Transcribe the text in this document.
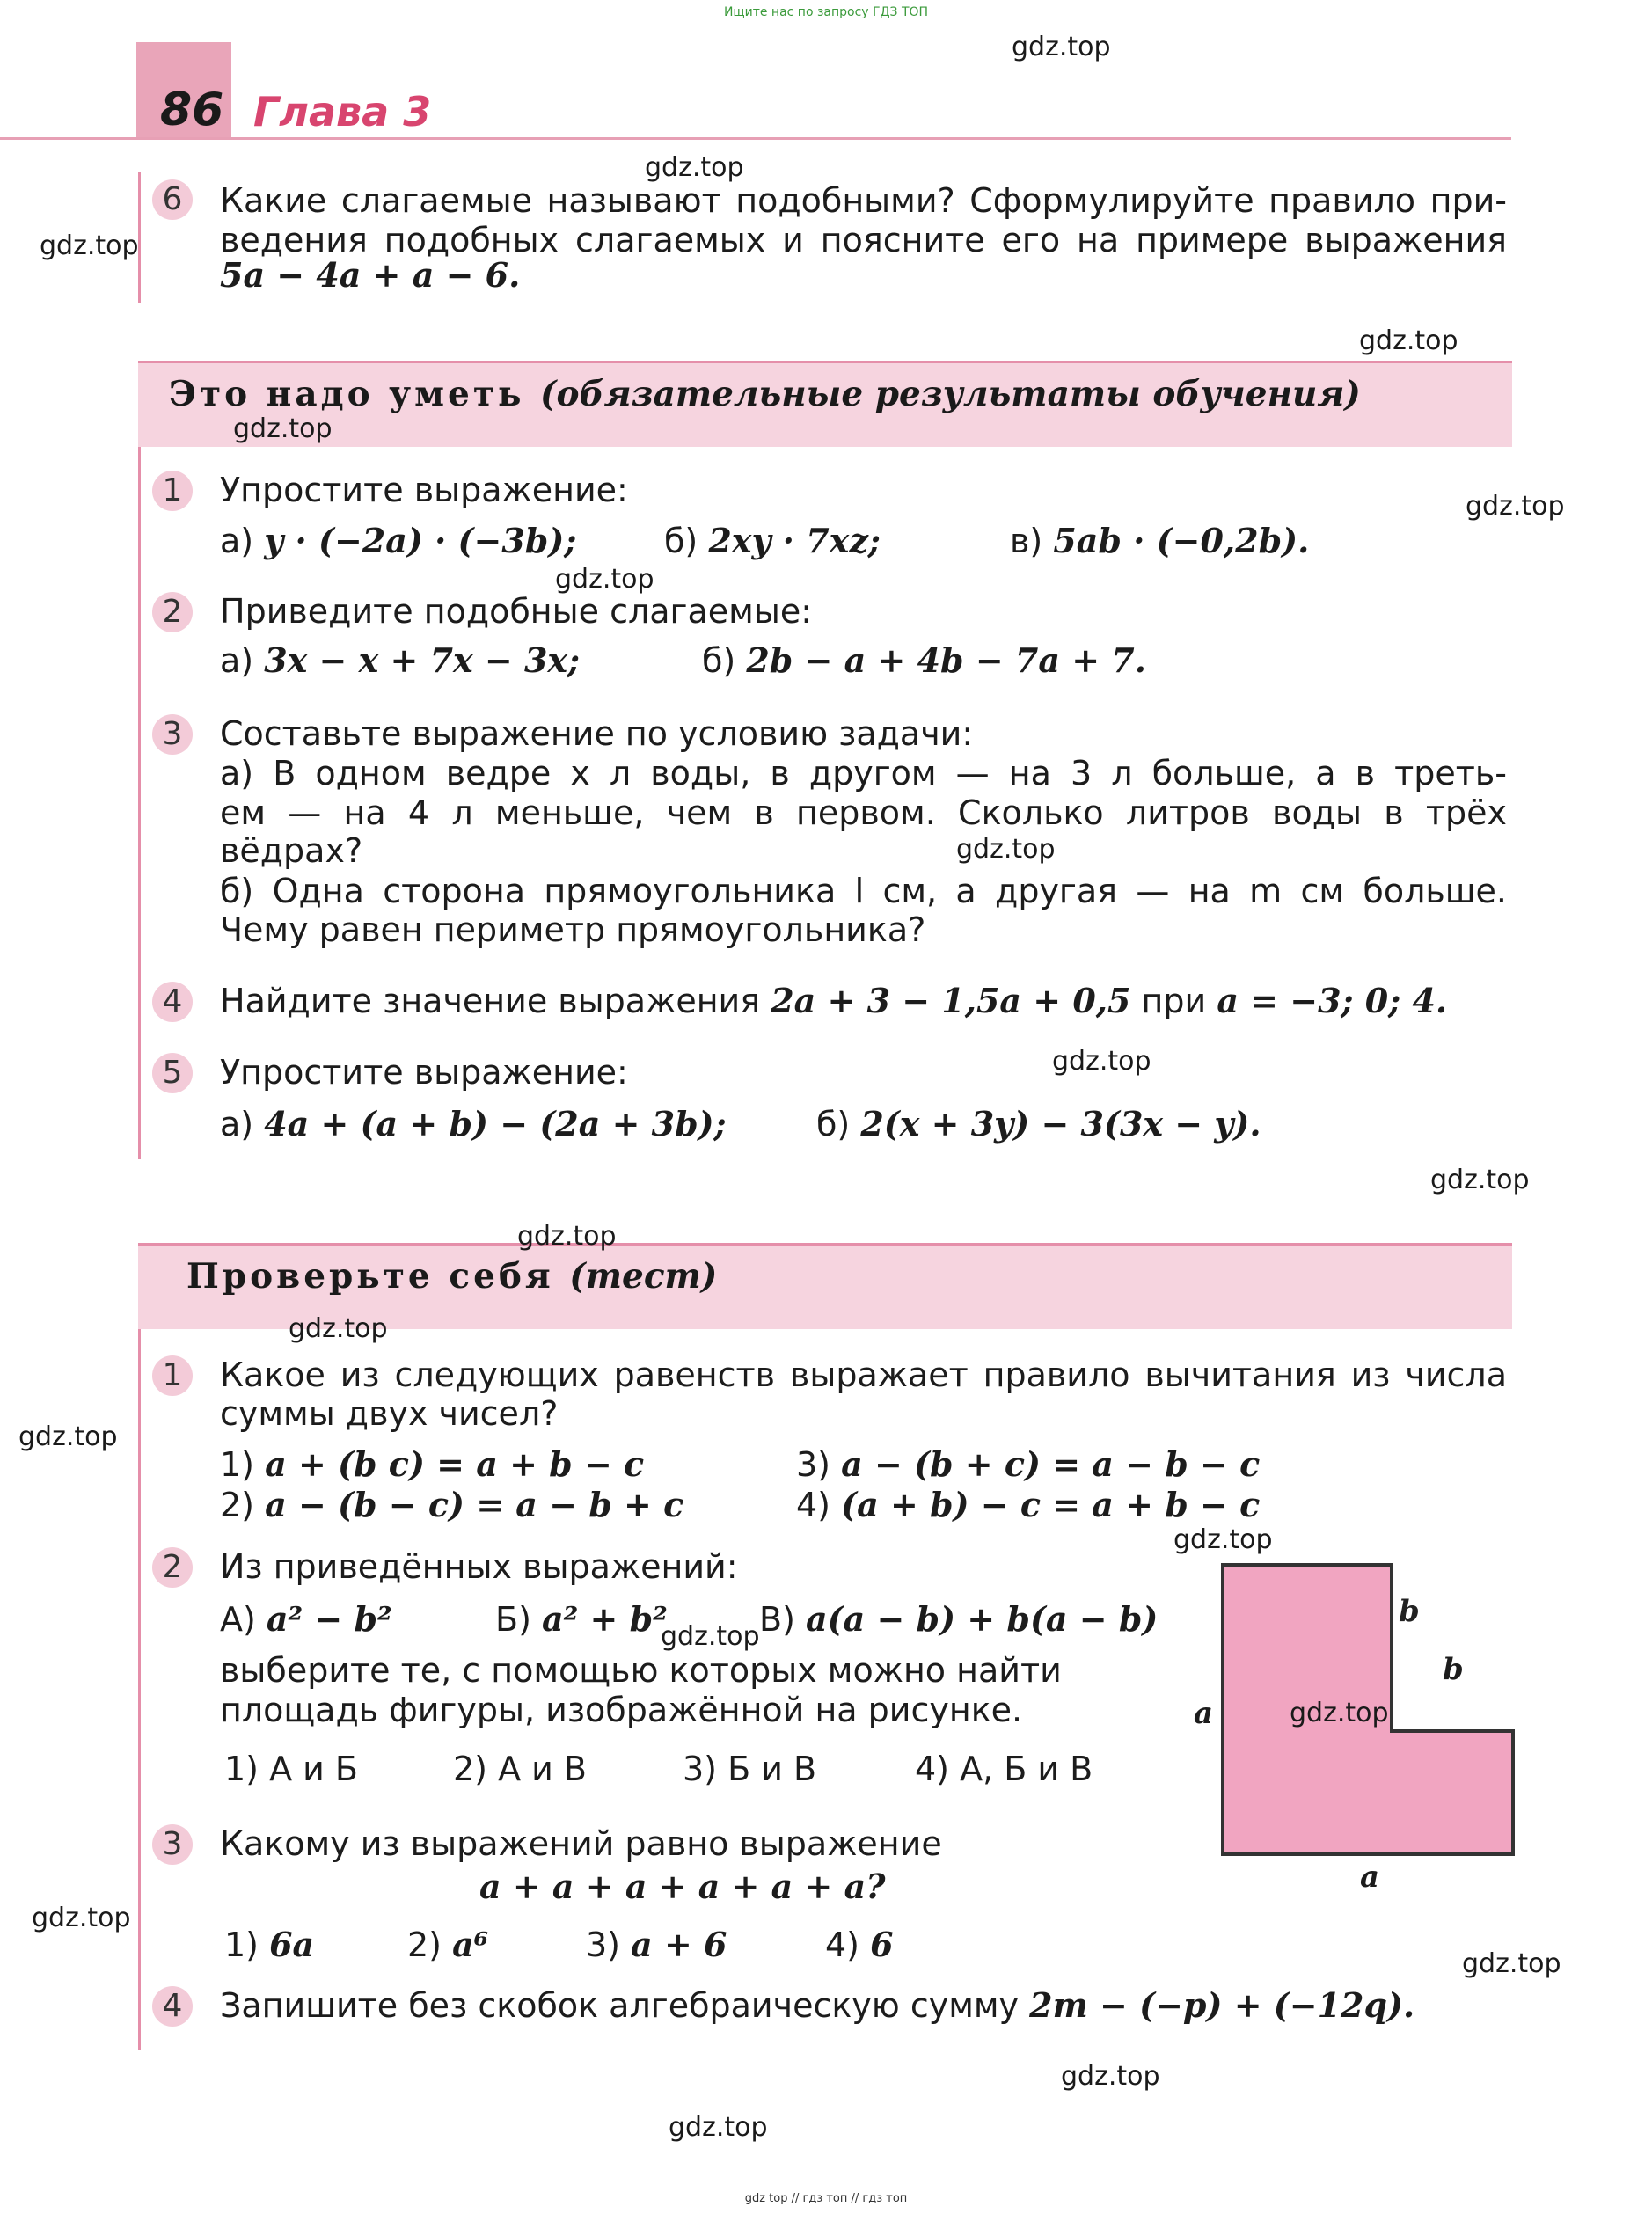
Ищите нас по запросу ГДЗ ТОП
gdz top // гдз топ // гдз топ
86 Глава 3
6	Какие слагаемые называют подобными? Сформулируйте правило при-
ведения подобных слагаемых и поясните его на примере выражения
5a − 4a + a − 6.
Это надо уметь (обязательные результаты обучения)
1	Упростите выражение:
а) y · (−2a) · (−3b);	б) 2xy · 7xz;	в) 5ab · (−0,2b).
2	Приведите подобные слагаемые:
а) 3x − x + 7x − 3x;	б) 2b − a + 4b − 7a + 7.
3	Составьте выражение по условию задачи:
а) В одном ведре x л воды, в другом — на 3 л больше, а в треть-
ем — на 4 л меньше, чем в первом. Сколько литров воды в трёх
вёдрах?
б) Одна сторона прямоугольника l см, а другая — на m см больше.
Чему равен периметр прямоугольника?
4	Найдите значение выражения 2a + 3 − 1,5a + 0,5 при a = −3; 0; 4.
5	Упростите выражение:
а) 4a + (a + b) − (2a + 3b);	б) 2(x + 3y) − 3(3x − y).
Проверьте себя (тест)
1	Какое из следующих равенств выражает правило вычитания из числа
суммы двух чисел?
1) a + (b c) = a + b − c	3) a − (b + c) = a − b − c
2) a − (b − c) = a − b + c	4) (a + b) − c = a + b − c
2	Из приведённых выражений:
А) a² − b²	Б) a² + b²	В) a(a − b) + b(a − b)
выберите те, с помощью которых можно найти
площадь фигуры, изображённой на рисунке.
1) А и Б	2) А и В	3) Б и В	4) А, Б и В
b
b
a
a
3	Какому из выражений равно выражение
a + a + a + a + a + a?
1) 6a	2) a⁶	3) a + 6	4) 6
4	Запишите без скобок алгебраическую сумму 2m − (−p) + (−12q).
gdz.top
gdz.top
gdz.top
gdz.top
gdz.top
gdz.top
gdz.top
gdz.top
gdz.top
gdz.top
gdz.top
gdz.top
gdz.top
gdz.top
gdz.top
gdz.top
gdz.top
gdz.top
gdz.top
gdz.top
